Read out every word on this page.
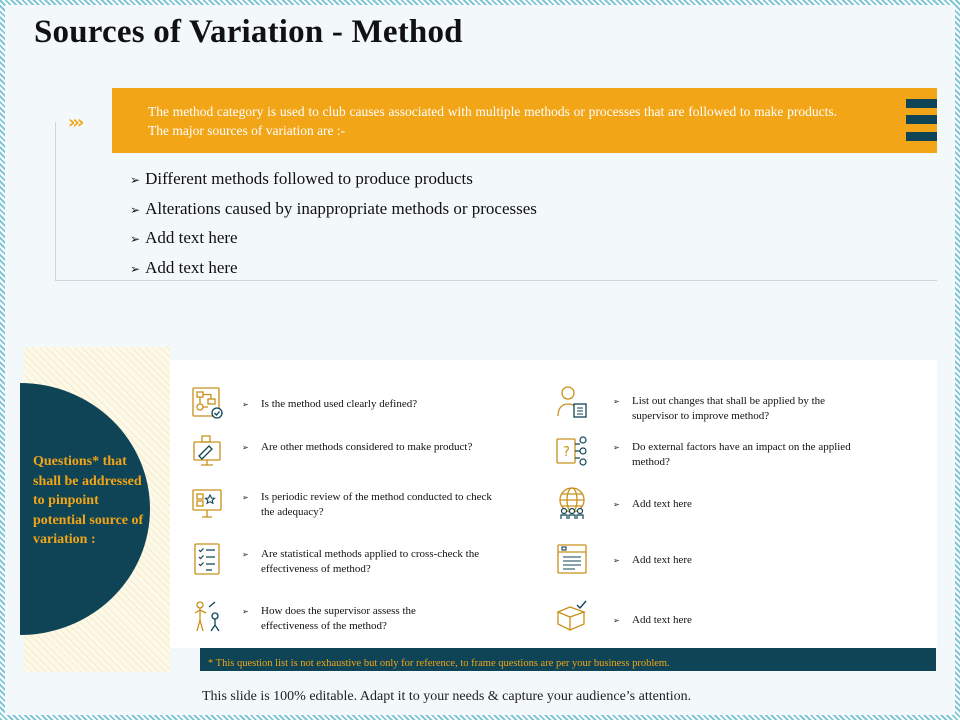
Sources of Variation - Method
›››

The method category is used to club causes associated with multiple methods or processes that are followed to make products. The major sources of variation are :-

➢ Different methods followed to produce products
➢ Alterations caused by inappropriate methods or processes
➢ Add text here
➢ Add text here

Questions* that shall be addressed to pinpoint potential source of variation :

➢ Is the method used clearly defined?

➢ Are other methods considered to make product?

➢ Is periodic review of the method conducted to check the adequacy?

➢ Are statistical methods applied to cross-check the effectiveness of method?

➢ How does the supervisor assess the effectiveness of the method?

➢ List out changes that shall be applied by the supervisor to improve method?

?	➢ Do external factors have an impact on the applied method?

➢ Add text here

➢ Add text here

➢ Add text here

* This question list is not exhaustive but only for reference, to frame questions are per your business problem.

This slide is 100% editable. Adapt it to your needs & capture your audience’s attention.
